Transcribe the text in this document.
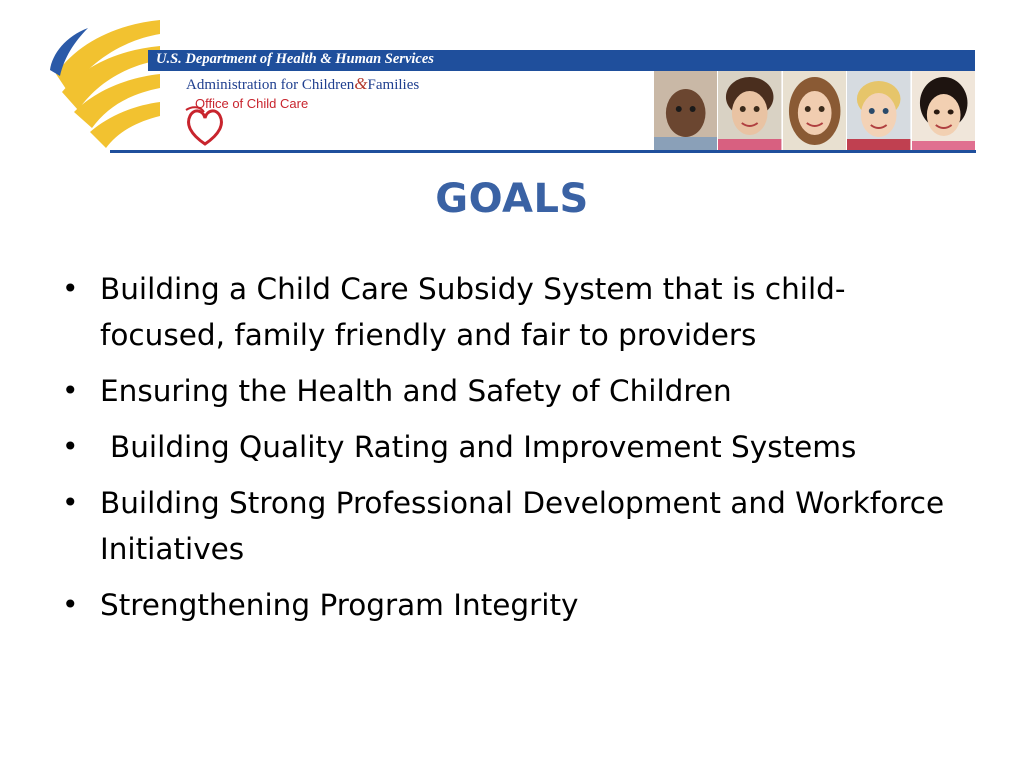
U.S. Department of Health & Human Services
Administration for Children&Families
Office of Child Care
GOALS
• Building a Child Care Subsidy System that is child-focused, family friendly and fair to providers
• Ensuring the Health and Safety of Children
• Building Quality Rating and Improvement Systems
• Building Strong Professional Development and Workforce Initiatives
• Strengthening Program Integrity
